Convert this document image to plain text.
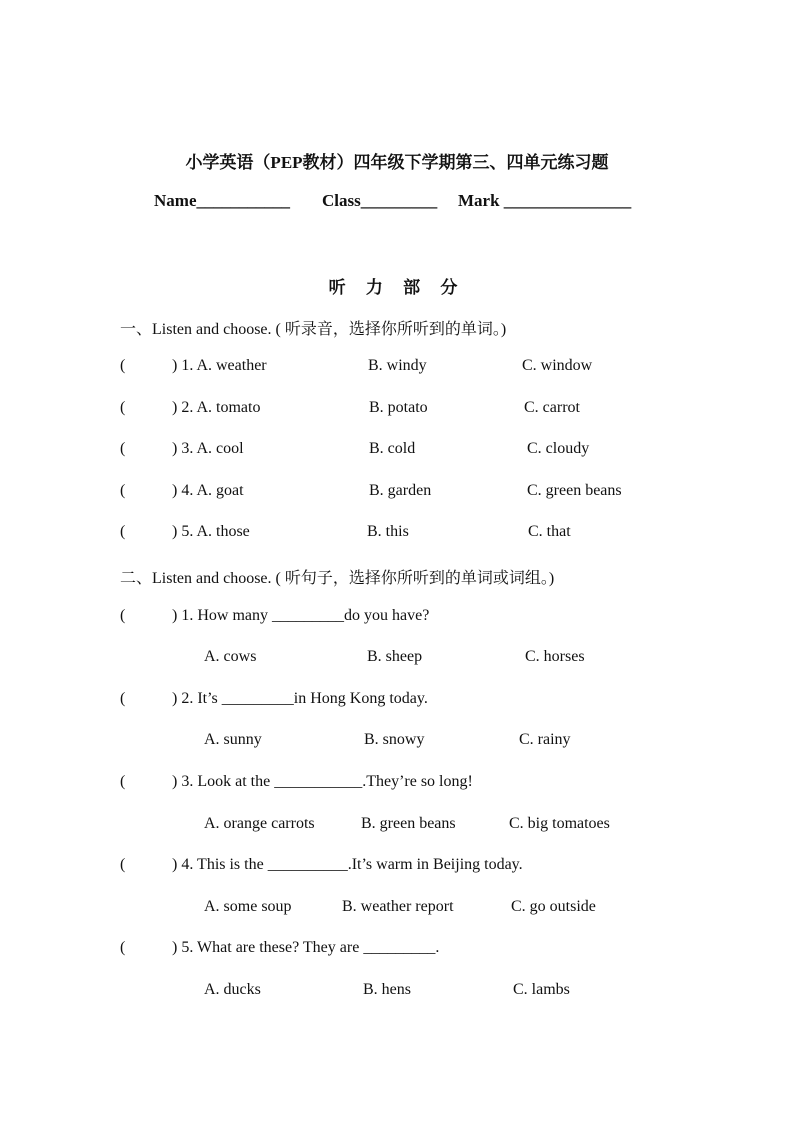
小学英语（PEP教材）四年级下学期第三、四单元练习题
Name___________ Class_________ Mark _______________
听 力 部 分
一、Listen and choose. ( 听录音，选择你所听到的单词。)
(	) 1. A. weather	B. windy	C. window
(	) 2. A. tomato	B. potato	C. carrot
(	) 3. A. cool	B. cold	C. cloudy
(	) 4. A. goat	B. garden	C. green beans
(	) 5. A. those	B. this	C. that
二、Listen and choose. ( 听句子，选择你所听到的单词或词组。)
(	) 1. How many _________do you have?
A. cows	B. sheep	C. horses
(	) 2. It’s _________in Hong Kong today.
A. sunny	B. snowy	C. rainy
(	) 3. Look at the ___________.They’re so long!
A. orange carrots	B. green beans	C. big tomatoes
(	) 4. This is the __________.It’s warm in Beijing today.
A. some soup	B. weather report	C. go outside
(	) 5. What are these? They are _________.
A. ducks	B. hens	C. lambs
